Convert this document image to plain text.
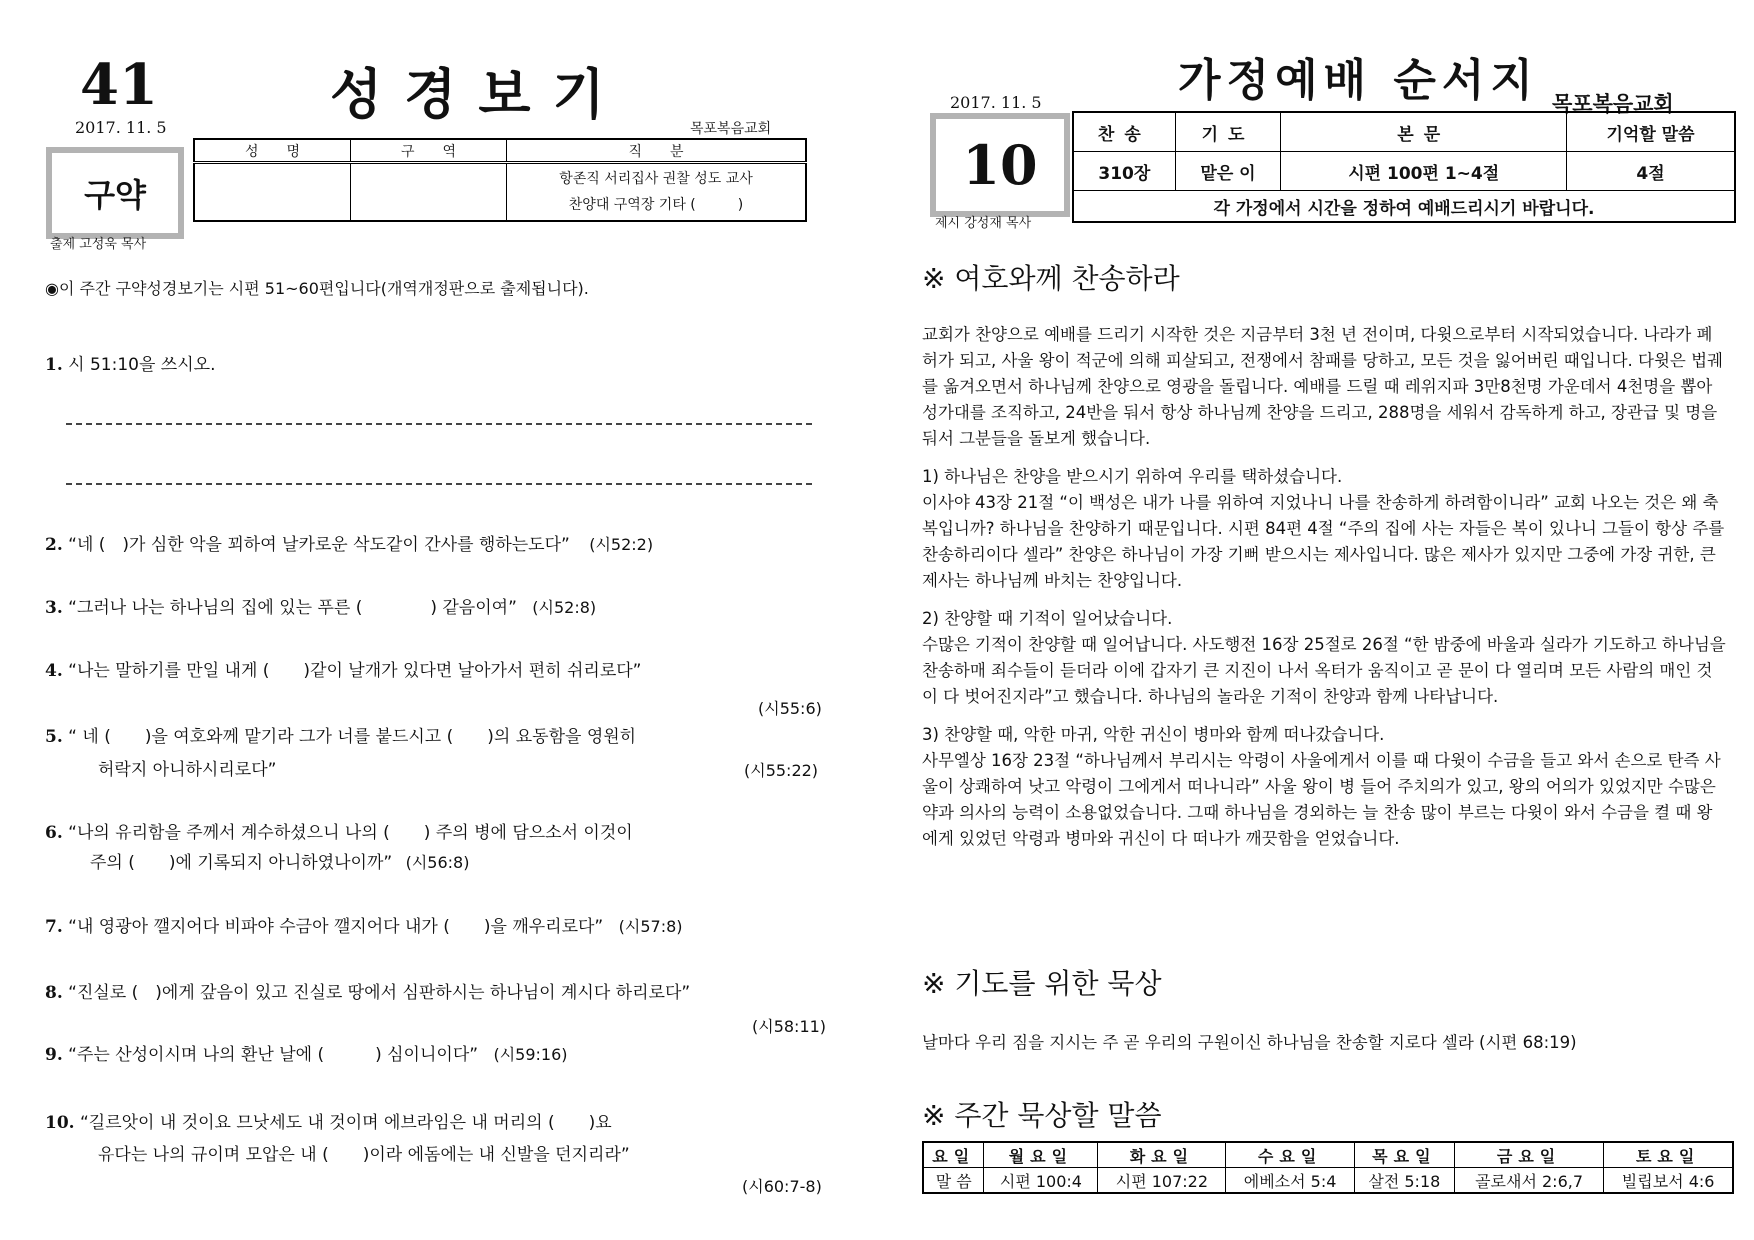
41	성경보기
2017. 11. 5	목포복음교회
구약
출제 고성욱 목사
성　　명	구　　역	직　　분

		항존직 서리집사 권찰 성도 교사
찬양대 구역장 기타 (　　　)
◉이 주간 구약성경보기는 시편 51~60편입니다(개역개정판으로 출제됩니다).
1. 시 51:10을 쓰시오.
2. “네 (　)가 심한 악을 꾀하여 날카로운 삭도같이 간사를 행하는도다” (시52:2)
3. “그러나 나는 하나님의 집에 있는 푸른 (　　　　) 같음이여” (시52:8)
4. “나는 말하기를 만일 내게 (　　)같이 날개가 있다면 날아가서 편히 쉬리로다”
(시55:6)
5. “ 네 (　　)을 여호와께 맡기라 그가 너를 붙드시고 (　　)의 요동함을 영원히
허락지 아니하시리로다”	(시55:22)
6. “나의 유리함을 주께서 계수하셨으니 나의 (　　) 주의 병에 담으소서 이것이
주의 (　　)에 기록되지 아니하였나이까” (시56:8)
7. “내 영광아 깰지어다 비파야 수금아 깰지어다 내가 (　　)을 깨우리로다” (시57:8)
8. “진실로 (　)에게 갚음이 있고 진실로 땅에서 심판하시는 하나님이 계시다 하리로다”
(시58:11)
9. “주는 산성이시며 나의 환난 날에 (　　　) 심이니이다” (시59:16)
10. “길르앗이 내 것이요 므낫세도 내 것이며 에브라임은 내 머리의 (　　)요
유다는 나의 규이며 모압은 내 (　　)이라 에돔에는 내 신발을 던지리라”
(시60:7-8)
가정예배 순서지
2017. 11. 5	목포복음교회
10
제시 강성재 목사
찬송	기도	본문	기억할 말씀
310장	맡은 이	시편 100편 1~4절	4절
각 가정에서 시간을 정하여 예배드리시기 바랍니다.			
※ 여호와께 찬송하라

교회가 찬양으로 예배를 드리기 시작한 것은 지금부터 3천 년 전이며, 다윗으로부터 시작되었습니다. 나라가 폐허가 되고, 사울 왕이 적군에 의해 피살되고, 전쟁에서 참패를 당하고, 모든 것을 잃어버린 때입니다. 다윗은 법궤를 옮겨오면서 하나님께 찬양으로 영광을 돌립니다. 예배를 드릴 때 레위지파 3만8천명 가운데서 4천명을 뽑아 성가대를 조직하고, 24반을 둬서 항상 하나님께 찬양을 드리고, 288명을 세워서 감독하게 하고, 장관급 및 명을 둬서 그분들을 돌보게 했습니다.

1) 하나님은 찬양을 받으시기 위하여 우리를 택하셨습니다.
이사야 43장 21절 “이 백성은 내가 나를 위하여 지었나니 나를 찬송하게 하려함이니라” 교회 나오는 것은 왜 축복입니까? 하나님을 찬양하기 때문입니다. 시편 84편 4절 “주의 집에 사는 자들은 복이 있나니 그들이 항상 주를 찬송하리이다 셀라” 찬양은 하나님이 가장 기뻐 받으시는 제사입니다. 많은 제사가 있지만 그중에 가장 귀한, 큰 제사는 하나님께 바치는 찬양입니다.

2) 찬양할 때 기적이 일어났습니다.
수많은 기적이 찬양할 때 일어납니다. 사도행전 16장 25절로 26절 “한 밤중에 바울과 실라가 기도하고 하나님을 찬송하매 죄수들이 듣더라 이에 갑자기 큰 지진이 나서 옥터가 움직이고 곧 문이 다 열리며 모든 사람의 매인 것이 다 벗어진지라”고 했습니다. 하나님의 놀라운 기적이 찬양과 함께 나타납니다.

3) 찬양할 때, 악한 마귀, 악한 귀신이 병마와 함께 떠나갔습니다.
사무엘상 16장 23절 “하나님께서 부리시는 악령이 사울에게서 이를 때 다윗이 수금을 들고 와서 손으로 탄즉 사울이 상쾌하여 낫고 악령이 그에게서 떠나니라” 사울 왕이 병 들어 주치의가 있고, 왕의 어의가 있었지만 수많은 약과 의사의 능력이 소용없었습니다. 그때 하나님을 경외하는 늘 찬송 많이 부르는 다윗이 와서 수금을 켤 때 왕에게 있었던 악령과 병마와 귀신이 다 떠나가 깨끗함을 얻었습니다.

※ 기도를 위한 묵상
날마다 우리 짐을 지시는 주 곧 우리의 구원이신 하나님을 찬송할 지로다 셀라 (시편 68:19)
※ 주간 묵상할 말씀
요일	월요일	화요일	수요일	목요일	금요일	토요일
말 씀	시편 100:4	시편 107:22	에베소서 5:4	살전 5:18	골로새서 2:6,7	빌립보서 4:6
